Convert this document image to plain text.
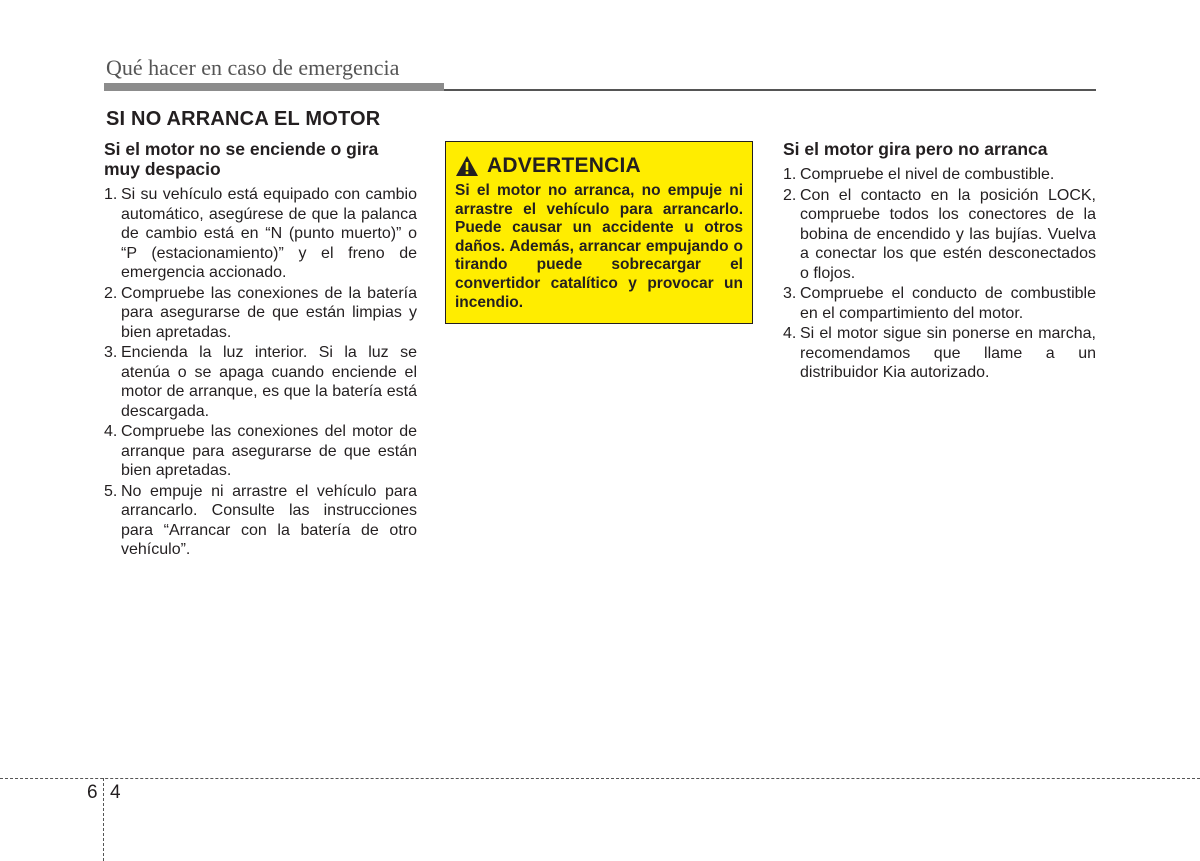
Qué hacer en caso de emergencia
SI NO ARRANCA EL MOTOR
Si el motor no se enciende o gira muy despacio
1. Si su vehículo está equipado con cambio automático, asegúrese de que la palanca de cambio está en “N (punto muerto)” o “P (estacionamiento)” y el freno de emergencia accionado.
2. Compruebe las conexiones de la batería para asegurarse de que están limpias y bien apretadas.
3. Encienda la luz interior. Si la luz se atenúa o se apaga cuando enciende el motor de arranque, es que la batería está descargada.
4. Compruebe las conexiones del motor de arranque para asegurarse de que están bien apretadas.
5. No empuje ni arrastre el vehículo para arrancarlo. Consulte las instrucciones para “Arrancar con la batería de otro vehículo”.
ADVERTENCIA
Si el motor no arranca, no empuje ni arrastre el vehículo para arrancarlo. Puede causar un accidente u otros daños. Además, arrancar empujando o tirando puede sobrecargar el convertidor catalítico y provocar un incendio.
Si el motor gira pero no arranca
1. Compruebe el nivel de combustible.
2. Con el contacto en la posición LOCK, compruebe todos los conectores de la bobina de encendido y las bujías. Vuelva a conectar los que estén desconectados o flojos.
3. Compruebe el conducto de combustible en el compartimiento del motor.
4. Si el motor sigue sin ponerse en marcha, recomendamos que llame a un distribuidor Kia autorizado.
6 4
